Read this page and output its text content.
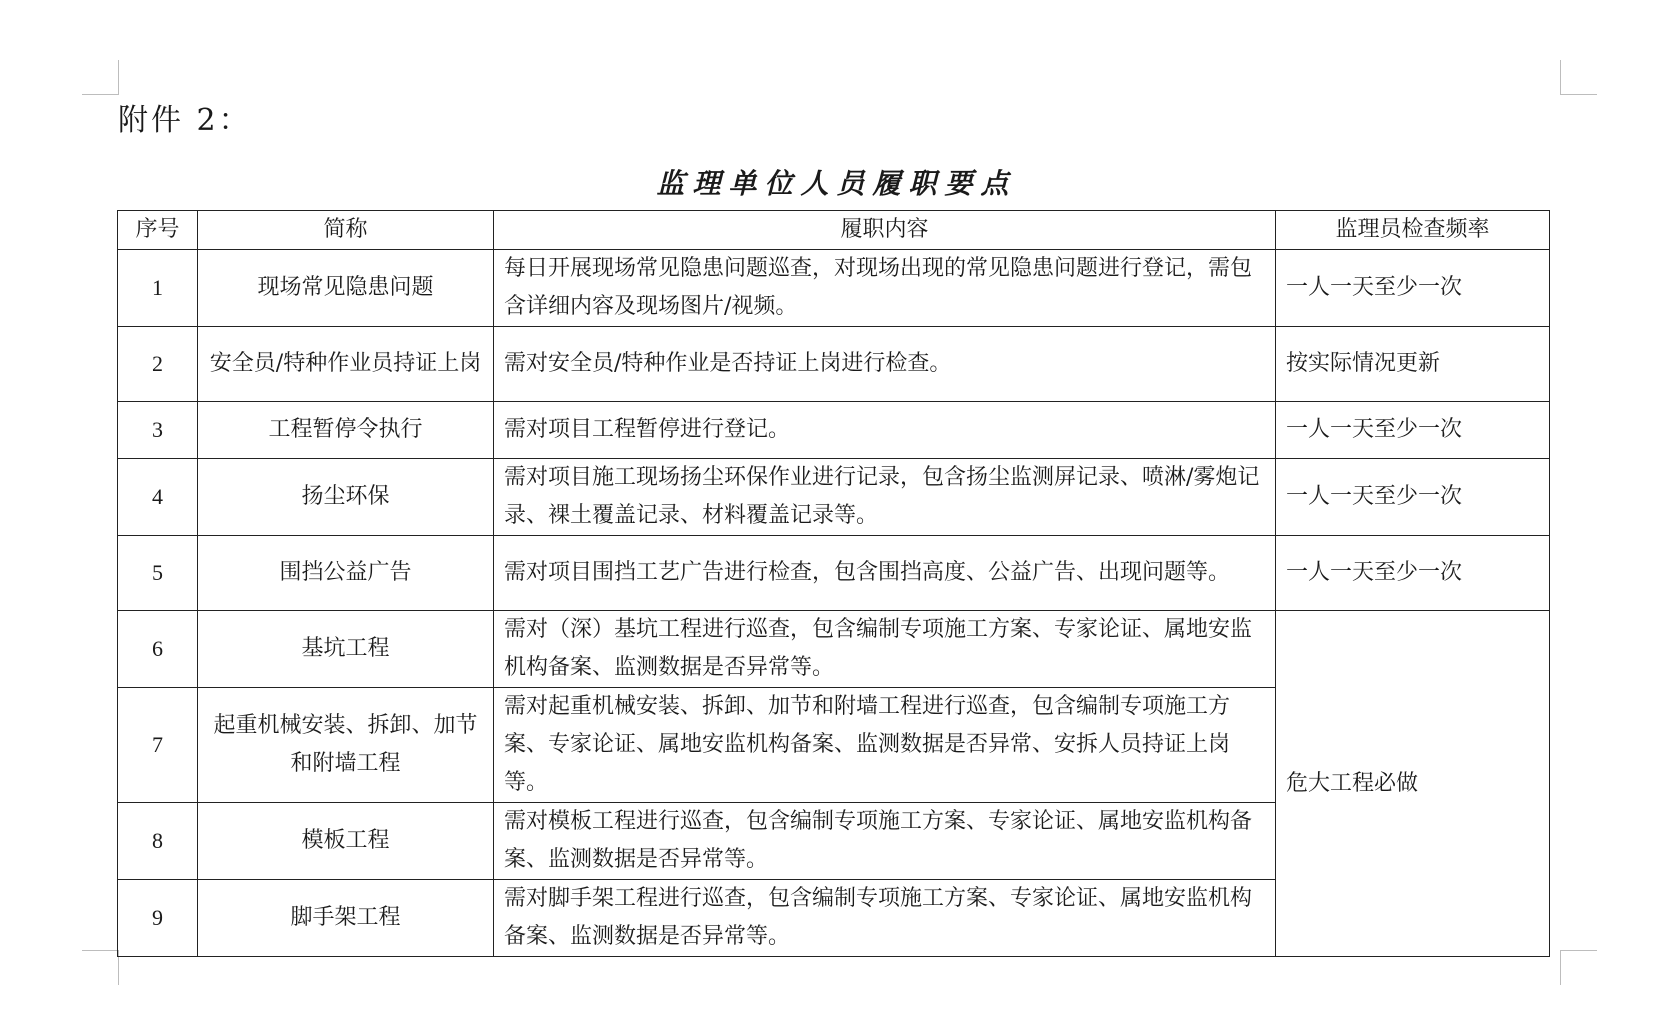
附件 2：
监理单位人员履职要点
序号	简称	履职内容	监理员检查频率
1	现场常见隐患问题	每日开展现场常见隐患问题巡查，对现场出现的常见隐患问题进行登记，需包含详细内容及现场图片/视频。	一人一天至少一次
2	安全员/特种作业员持证上岗	需对安全员/特种作业是否持证上岗进行检查。	按实际情况更新
3	工程暂停令执行	需对项目工程暂停进行登记。	一人一天至少一次
4	扬尘环保	需对项目施工现场扬尘环保作业进行记录，包含扬尘监测屏记录、喷淋/雾炮记录、裸土覆盖记录、材料覆盖记录等。	一人一天至少一次
5	围挡公益广告	需对项目围挡工艺广告进行检查，包含围挡高度、公益广告、出现问题等。	一人一天至少一次
6	基坑工程	需对（深）基坑工程进行巡查，包含编制专项施工方案、专家论证、属地安监机构备案、监测数据是否异常等。	危大工程必做
7	起重机械安装、拆卸、加节和附墙工程	需对起重机械安装、拆卸、加节和附墙工程进行巡查，包含编制专项施工方案、专家论证、属地安监机构备案、监测数据是否异常、安拆人员持证上岗等。	
8	模板工程	需对模板工程进行巡查，包含编制专项施工方案、专家论证、属地安监机构备案、监测数据是否异常等。	
9	脚手架工程	需对脚手架工程进行巡查，包含编制专项施工方案、专家论证、属地安监机构备案、监测数据是否异常等。	
